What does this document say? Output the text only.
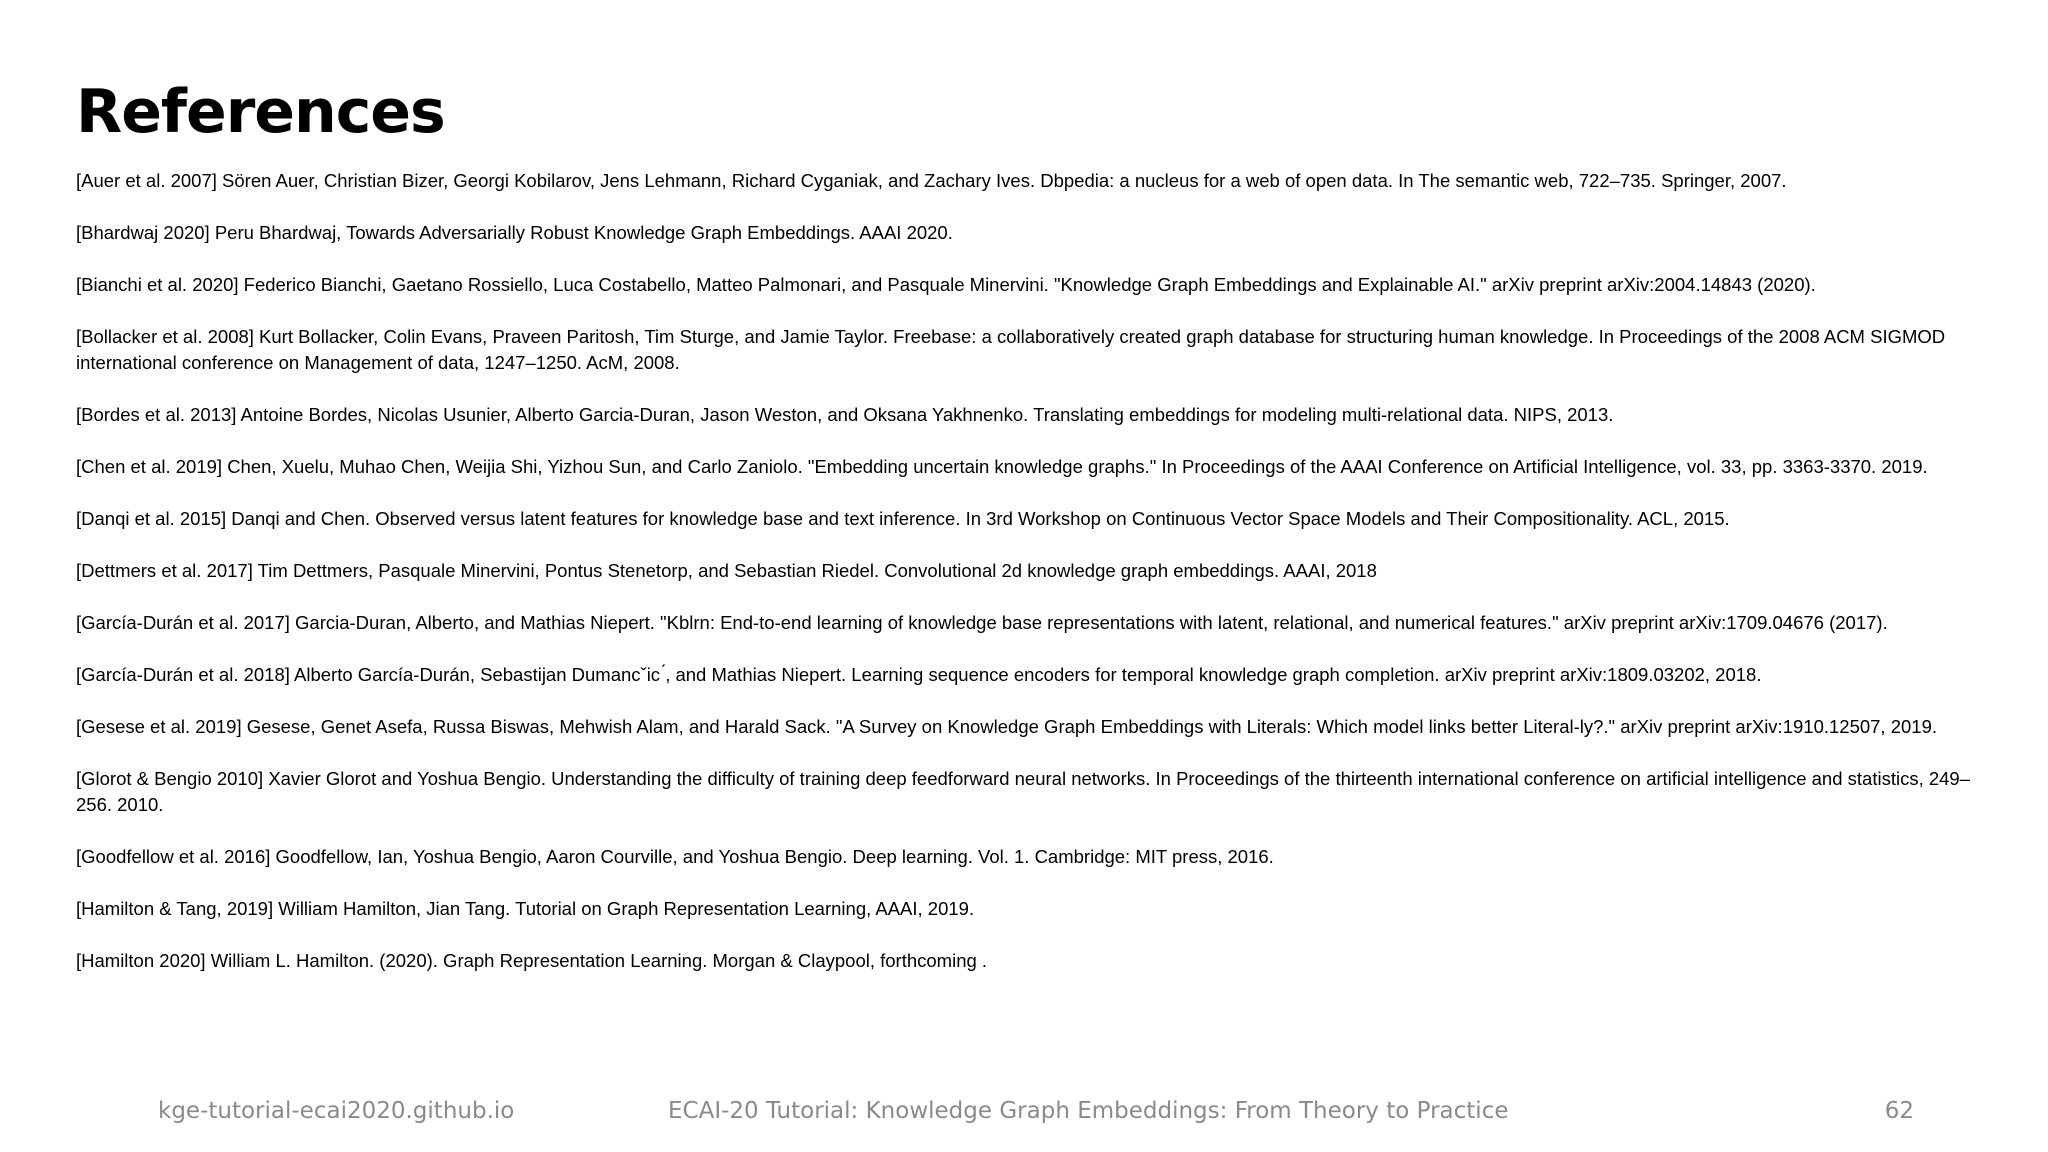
References
[Auer et al. 2007] Sören Auer, Christian Bizer, Georgi Kobilarov, Jens Lehmann, Richard Cyganiak, and Zachary Ives. Dbpedia: a nucleus for a web of open data. In The semantic web, 722–735. Springer, 2007.
[Bhardwaj 2020] Peru Bhardwaj, Towards Adversarially Robust Knowledge Graph Embeddings. AAAI 2020.
[Bianchi et al. 2020] Federico Bianchi, Gaetano Rossiello, Luca Costabello, Matteo Palmonari, and Pasquale Minervini. "Knowledge Graph Embeddings and Explainable AI." arXiv preprint arXiv:2004.14843 (2020).
[Bollacker et al. 2008] Kurt Bollacker, Colin Evans, Praveen Paritosh, Tim Sturge, and Jamie Taylor. Freebase: a collaboratively created graph database for structuring human knowledge. In Proceedings of the 2008 ACM SIGMOD international conference on Management of data, 1247–1250. AcM, 2008.
[Bordes et al. 2013] Antoine Bordes, Nicolas Usunier, Alberto Garcia-Duran, Jason Weston, and Oksana Yakhnenko. Translating embeddings for modeling multi-relational data. NIPS, 2013.
[Chen et al. 2019] Chen, Xuelu, Muhao Chen, Weijia Shi, Yizhou Sun, and Carlo Zaniolo. "Embedding uncertain knowledge graphs." In Proceedings of the AAAI Conference on Artificial Intelligence, vol. 33, pp. 3363-3370. 2019.
[Danqi et al. 2015] Danqi and Chen. Observed versus latent features for knowledge base and text inference. In 3rd Workshop on Continuous Vector Space Models and Their Compositionality. ACL, 2015.
[Dettmers et al. 2017] Tim Dettmers, Pasquale Minervini, Pontus Stenetorp, and Sebastian Riedel. Convolutional 2d knowledge graph embeddings. AAAI, 2018
[García-Durán et al. 2017] Garcia-Duran, Alberto, and Mathias Niepert. "Kblrn: End-to-end learning of knowledge base representations with latent, relational, and numerical features." arXiv preprint arXiv:1709.04676 (2017).
[García-Durán et al. 2018] Alberto García-Durán, Sebastijan Dumancˇic ́, and Mathias Niepert. Learning sequence encoders for temporal knowledge graph completion. arXiv preprint arXiv:1809.03202, 2018.
[Gesese et al. 2019] Gesese, Genet Asefa, Russa Biswas, Mehwish Alam, and Harald Sack. "A Survey on Knowledge Graph Embeddings with Literals: Which model links better Literal-ly?." arXiv preprint arXiv:1910.12507, 2019.
[Glorot & Bengio 2010] Xavier Glorot and Yoshua Bengio. Understanding the difficulty of training deep feedforward neural networks. In Proceedings of the thirteenth international conference on artificial intelligence and statistics, 249–256. 2010.
[Goodfellow et al. 2016] Goodfellow, Ian, Yoshua Bengio, Aaron Courville, and Yoshua Bengio. Deep learning. Vol. 1. Cambridge: MIT press, 2016.
[Hamilton & Tang, 2019] William Hamilton, Jian Tang. Tutorial on Graph Representation Learning, AAAI, 2019.
[Hamilton 2020] William L. Hamilton. (2020). Graph Representation Learning. Morgan & Claypool, forthcoming .
kge-tutorial-ecai2020.github.io	ECAI-20 Tutorial: Knowledge Graph Embeddings: From Theory to Practice	62
